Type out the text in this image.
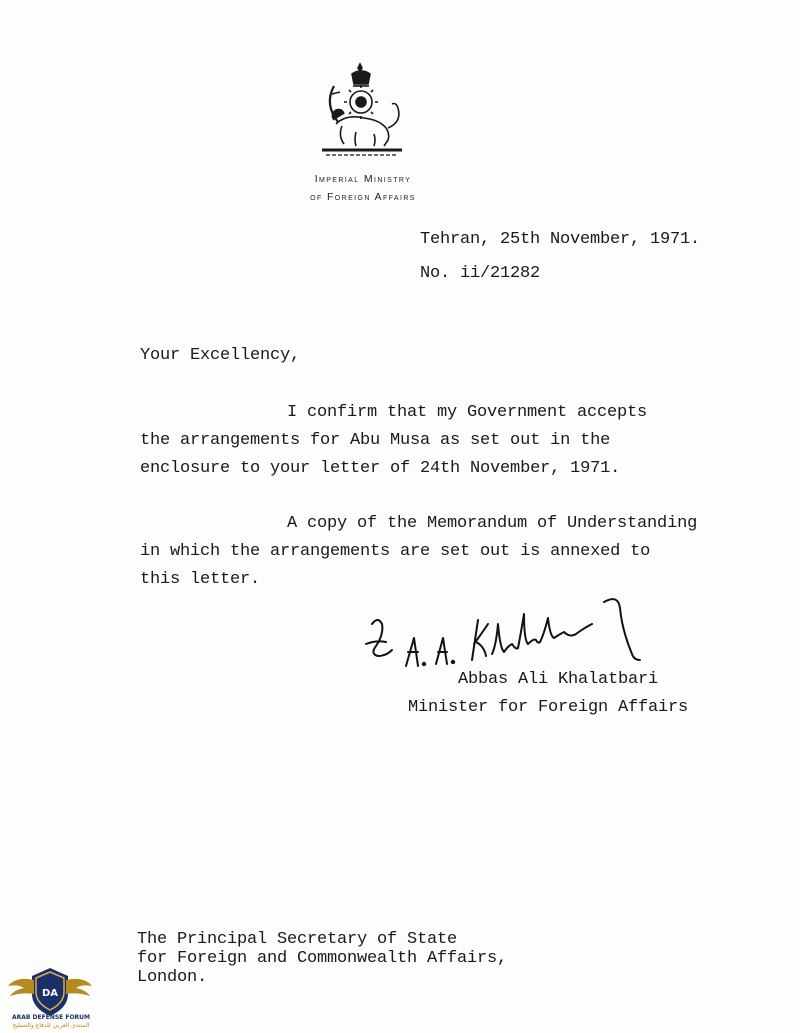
Imperial Ministry
of Foreign Affairs
Tehran, 25th November, 1971.
No. ii/21282
Your Excellency,
I confirm that my Government accepts
the arrangements for Abu Musa as set out in the
enclosure to your letter of 24th November, 1971.
A copy of the Memorandum of Understanding
in which the arrangements are set out is annexed to
this letter.
Abbas Ali Khalatbari
Minister for Foreign Affairs
The Principal Secretary of State
for Foreign and Commonwealth Affairs,
London.
DA
ARAB DEFENSE FORUM
المنتدى العربي للدفاع والتسليح
